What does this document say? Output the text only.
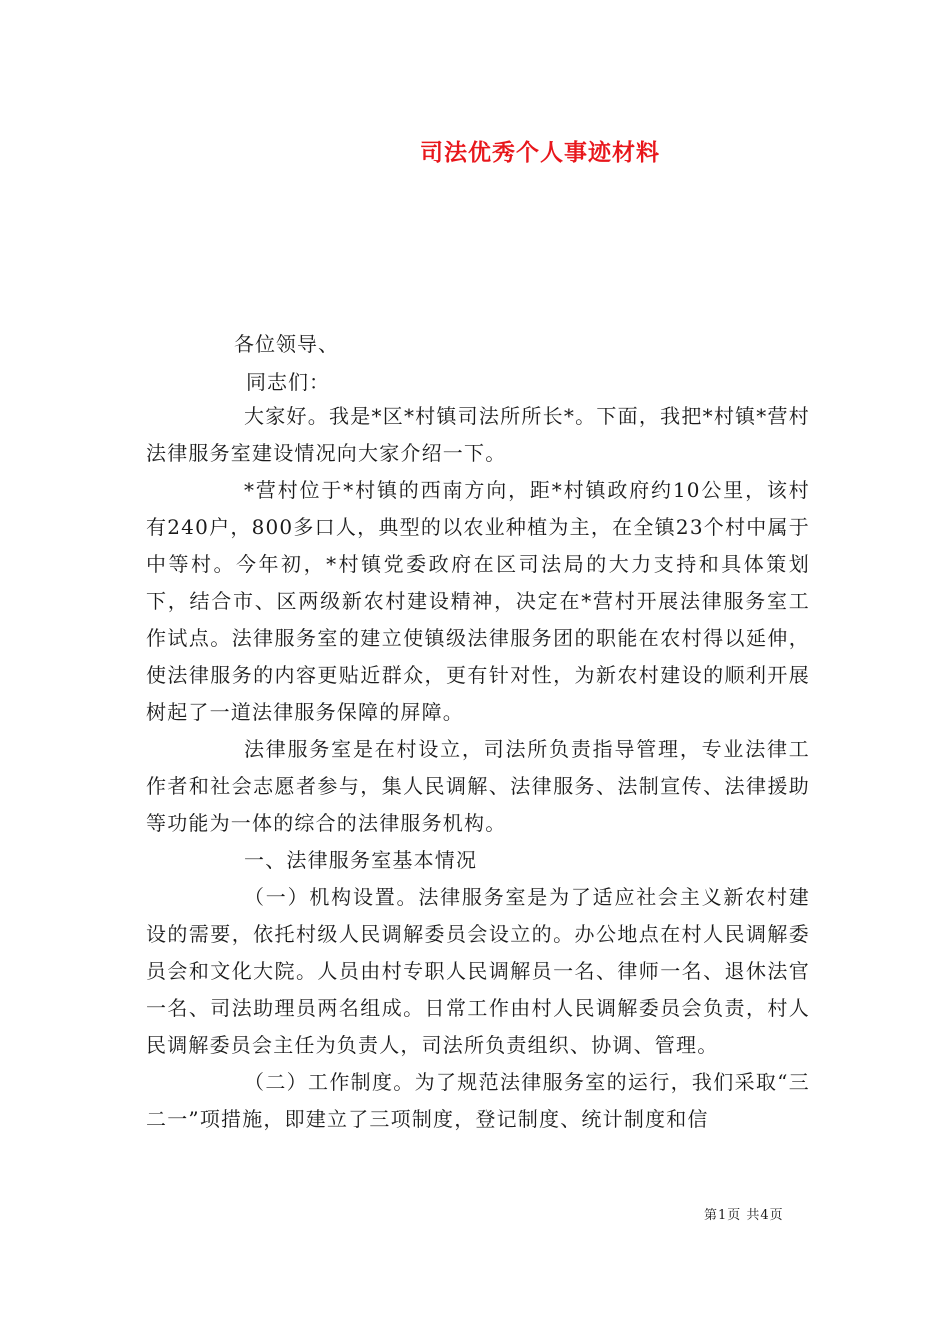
司法优秀个人事迹材料
各位领导、
同志们：

大家好。我是*区*村镇司法所所长*。下面，我把*村镇*营村法律服务室建设情况向大家介绍一下。

*营村位于*村镇的西南方向，距*村镇政府约10公里，该村有240户，800多口人，典型的以农业种植为主，在全镇23个村中属于中等村。今年初，*村镇党委政府在区司法局的大力支持和具体策划下，结合市、区两级新农村建设精神，决定在*营村开展法律服务室工作试点。法律服务室的建立使镇级法律服务团的职能在农村得以延伸，使法律服务的内容更贴近群众，更有针对性，为新农村建设的顺利开展树起了一道法律服务保障的屏障。

法律服务室是在村设立，司法所负责指导管理，专业法律工作者和社会志愿者参与，集人民调解、法律服务、法制宣传、法律援助等功能为一体的综合的法律服务机构。

一、法律服务室基本情况

（一）机构设置。法律服务室是为了适应社会主义新农村建设的需要，依托村级人民调解委员会设立的。办公地点在村人民调解委员会和文化大院。人员由村专职人民调解员一名、律师一名、退休法官一名、司法助理员两名组成。日常工作由村人民调解委员会负责，村人民调解委员会主任为负责人，司法所负责组织、协调、管理。

（二）工作制度。为了规范法律服务室的运行，我们采取“三二一”项措施，即建立了三项制度，登记制度、统计制度和信

第1页 共4页
